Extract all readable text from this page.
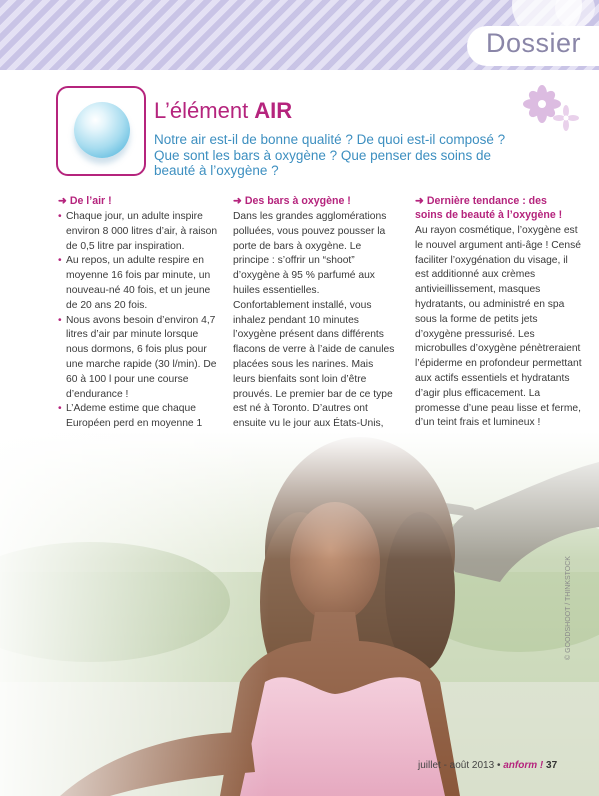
Dossier
L’élément AIR
Notre air est-il de bonne qualité ? De quoi est-il composé ?
Que sont les bars à oxygène ? Que penser des soins de
beauté à l’oxygène ?
➜ De l’air !
• Chaque jour, un adulte inspire environ 8 000 litres d’air, à raison de 0,5 litre par inspiration.
• Au repos, un adulte respire en moyenne 16 fois par minute, un nouveau-né 40 fois, et un jeune de 20 ans 20 fois.
• Nous avons besoin d’environ 4,7 litres d’air par minute lorsque nous dormons, 6 fois plus pour une marche rapide (30 l/min). De 60 à 100 l pour une course d’endurance !
• L’Ademe estime que chaque Européen perd en moyenne 1
•
➜ Des bars à oxygène !

Dans les grandes agglomérations polluées, vous pouvez pousser la porte de bars à oxygène. Le principe : s’offrir un “shoot” d’oxygène à 95 % parfumé aux huiles essentielles. Confortablement installé, vous inhalez pendant 10 minutes l’oxygène présent dans différents flacons de verre à l’aide de canules placées sous les narines. Mais leurs bienfaits sont loin d’être prouvés. Le premier bar de ce type est né à Toronto. D’autres ont ensuite vu le jour aux États-Unis,

➜ Dernière tendance : des
soins de beauté à l’oxygène !

Au rayon cosmétique, l’oxygène est le nouvel argument anti-âge ! Censé faciliter l’oxygénation du visage, il est additionné aux crèmes antivieillissement, masques hydratants, ou administré en spa sous la forme de petits jets d’oxygène pressurisé. Les microbulles d’oxygène pénètreraient l’épiderme en profondeur permettant aux actifs essentiels et hydratants d’agir plus efficacement. La promesse d’une peau lisse et ferme, d’un teint frais et lumineux !

© GOODSHOOT / THINKSTOCK
juillet - août 2013 • anform ! 37
